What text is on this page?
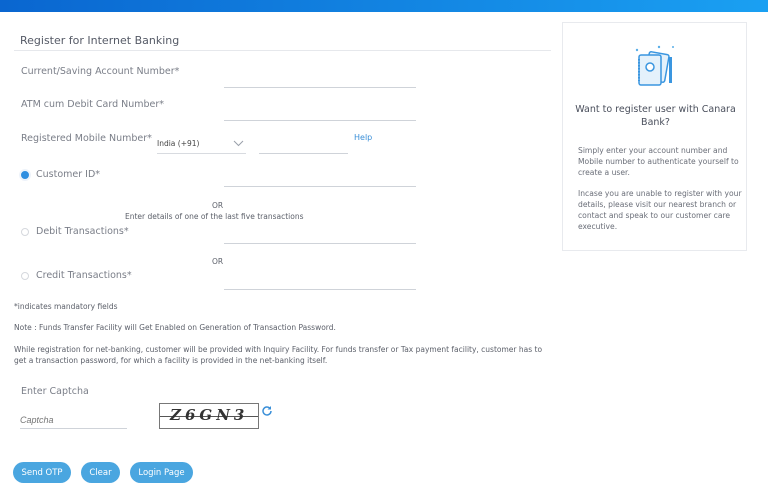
Register for Internet Banking
Current/Saving Account Number*
ATM cum Debit Card Number*
Registered Mobile Number* India (+91)
Help
Customer ID*
OR
Enter details of one of the last five transactions
Debit Transactions*
OR
Credit Transactions*
*indicates mandatory fields
Note : Funds Transfer Facility will Get Enabled on Generation of Transaction Password.
While registration for net-banking, customer will be provided with Inquiry Facility. For funds transfer or Tax payment facility, customer has to get a transaction password, for which a facility is provided in the net-banking itself.
Enter Captcha
Captcha
Z6GN3
Send OTP	Clear	Login Page
Want to register user with Canara Bank?
Simply enter your account number and Mobile number to authenticate yourself to create a user.
Incase you are unable to register with your details, please visit our nearest branch or contact and speak to our customer care executive.
